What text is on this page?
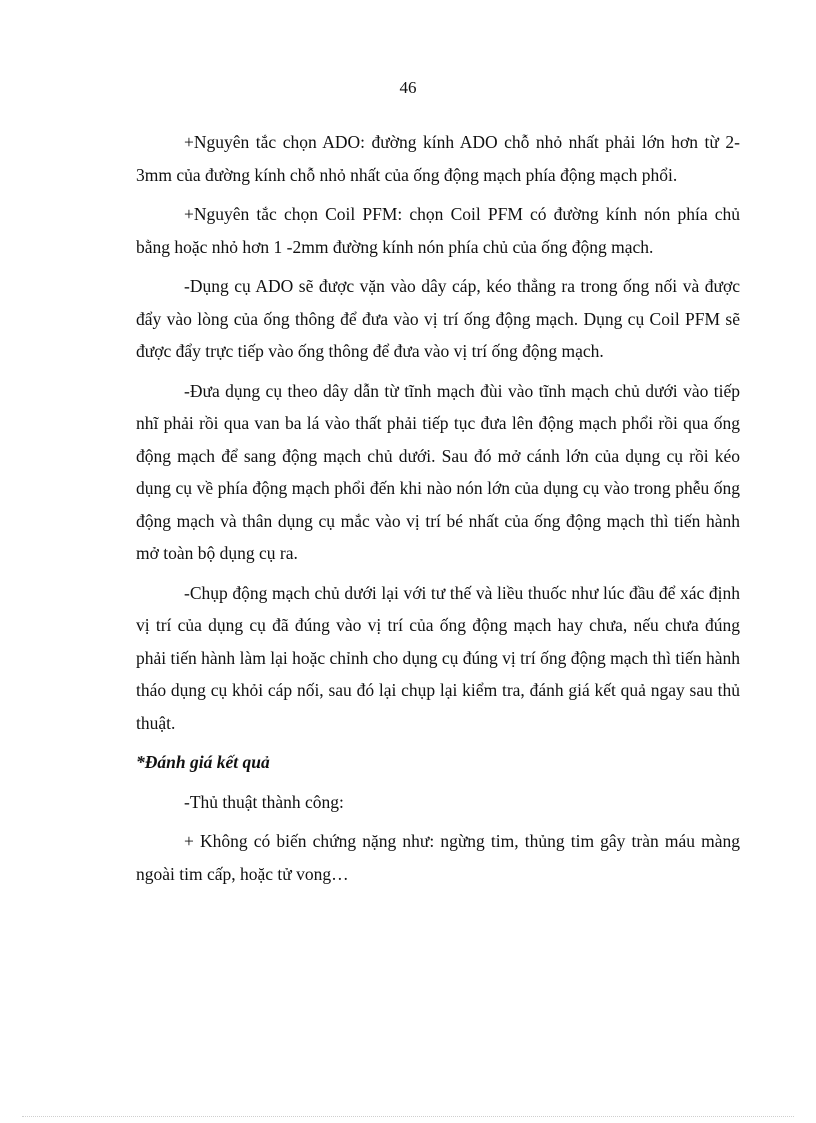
46

+Nguyên tắc chọn ADO: đường kính ADO chỗ nhỏ nhất phải lớn hơn từ 2-3mm của đường kính chỗ nhỏ nhất của ống động mạch phía động mạch phổi.

+Nguyên tắc chọn Coil PFM: chọn Coil PFM có đường kính nón phía chủ bằng hoặc nhỏ hơn 1 -2mm đường kính nón phía chủ của ống động mạch.

-Dụng cụ ADO sẽ được vặn vào dây cáp, kéo thẳng ra trong ống nối và được đẩy vào lòng của ống thông để đưa vào vị trí ống động mạch. Dụng cụ Coil PFM sẽ được đẩy trực tiếp vào ống thông để đưa vào vị trí ống động mạch.

-Đưa dụng cụ theo dây dẫn từ tĩnh mạch đùi vào tĩnh mạch chủ dưới vào tiếp nhĩ phải rồi qua van ba lá vào thất phải tiếp tục đưa lên động mạch phổi rồi qua ống động mạch để sang động mạch chủ dưới. Sau đó mở cánh lớn của dụng cụ rồi kéo dụng cụ về phía động mạch phổi đến khi nào nón lớn của dụng cụ vào trong phễu ống động mạch và thân dụng cụ mắc vào vị trí bé nhất của ống động mạch thì tiến hành mở toàn bộ dụng cụ ra.

-Chụp động mạch chủ dưới lại với tư thế và liều thuốc như lúc đầu để xác định vị trí của dụng cụ đã đúng vào vị trí của ống động mạch hay chưa, nếu chưa đúng phải tiến hành làm lại hoặc chỉnh cho dụng cụ đúng vị trí ống động mạch thì tiến hành tháo dụng cụ khỏi cáp nối, sau đó lại chụp lại kiểm tra, đánh giá kết quả ngay sau thủ thuật.

*Đánh giá kết quả

-Thủ thuật thành công:

+ Không có biến chứng nặng như: ngừng tim, thủng tim gây tràn máu màng ngoài tim cấp, hoặc tử vong…
